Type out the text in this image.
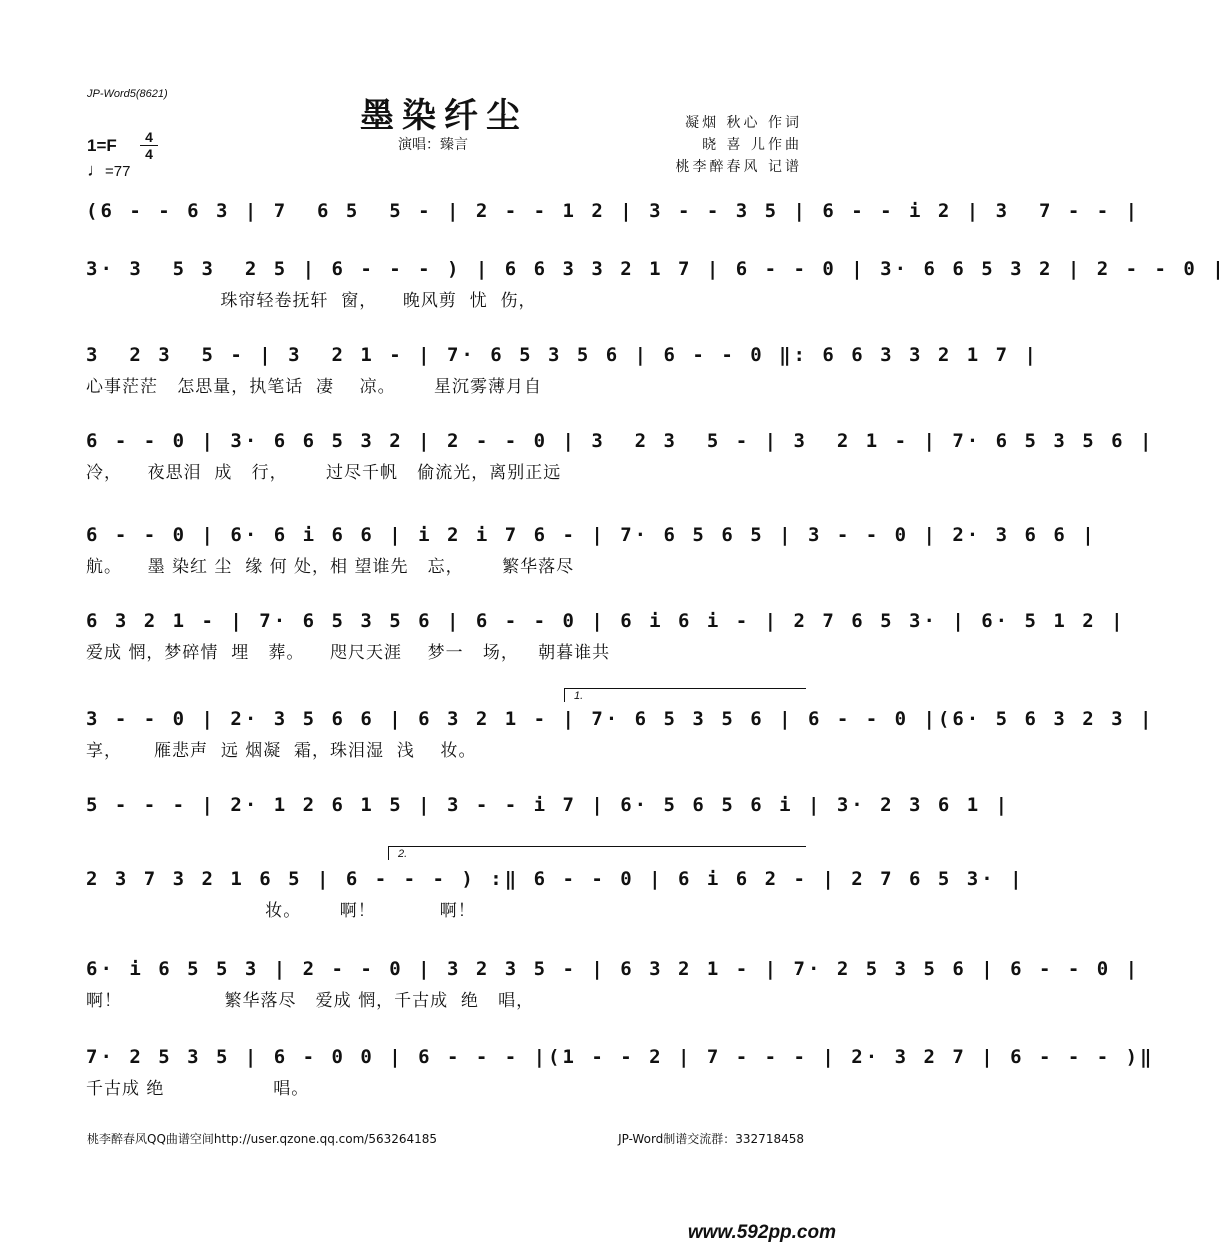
JP-Word5(8621)
墨染纤尘
演唱：臻言
凝烟 秋心 作词
晓 喜 儿作曲
桃李醉春风 记谱
1=F	4
4
♩=77
(6 - - 6 3 | 7  6 5  5 - | 2 - - 1 2 | 3 - - 3 5 | 6 - - i 2 | 3  7 - - |
3· 3  5 3  2 5 | 6 - - - ) | 6 6 3 3 2 1 7 | 6 - - 0 | 3· 6 6 5 3 2 | 2 - - 0 |
珠帘轻卷抚轩  窗，    晚风剪  忧  伤，
3  2 3  5 - | 3  2 1 - | 7· 6 5 3 5 6 | 6 - - 0 ‖: 6 6 3 3 2 1 7 |
心事茫茫   怎思量，执笔话  凄    凉。      星沉雾薄月自
6 - - 0 | 3· 6 6 5 3 2 | 2 - - 0 | 3  2 3  5 - | 3  2 1 - | 7· 6 5 3 5 6 |
冷，    夜思泪  成   行，      过尽千帆   偷流光，离别正远
6 - - 0 | 6· 6 i 6 6 | i 2 i 7 6 - | 7· 6 5 6 5 | 3 - - 0 | 2· 3 6 6 |
航。    墨 染红 尘  缘 何 处，相 望谁先   忘，      繁华落尽
6 3 2 1 - | 7· 6 5 3 5 6 | 6 - - 0 | 6 i 6 i - | 2 7 6 5 3· | 6· 5 1 2 |
爱成 惘，梦碎情  埋   葬。    咫尺天涯    梦一   场，   朝暮谁共
3 - - 0 | 2· 3 5 6 6 | 6 3 2 1 - | 7· 6 5 3 5 6 | 6 - - 0 |(6· 5 6 3 2 3 |
享，     雁悲声  远 烟凝  霜，珠泪湿  浅    妆。
1.
5 - - - | 2· 1 2 6 1 5 | 3 - - i 7 | 6· 5 6 5 6 i | 3· 2 3 6 1 |
2 3 7 3 2 1 6 5 | 6 - - - ) :‖ 6 - - 0 | 6 i 6 2 - | 2 7 6 5 3· |
妆。      啊！          啊！
2.
6· i 6 5 5 3 | 2 - - 0 | 3 2 3 5 - | 6 3 2 1 - | 7· 2 5 3 5 6 | 6 - - 0 |
啊！                繁华落尽   爱成 惘，千古成  绝   唱，
7· 2 5 3 5 | 6 - 0 0 | 6 - - - |(1 - - 2 | 7 - - - | 2· 3 2 7 | 6 - - - )‖
千古成 绝                 唱。
桃李醉春风QQ曲谱空间http://user.qzone.qq.com/563264185	JP-Word制谱交流群：332718458
www.592pp.com
